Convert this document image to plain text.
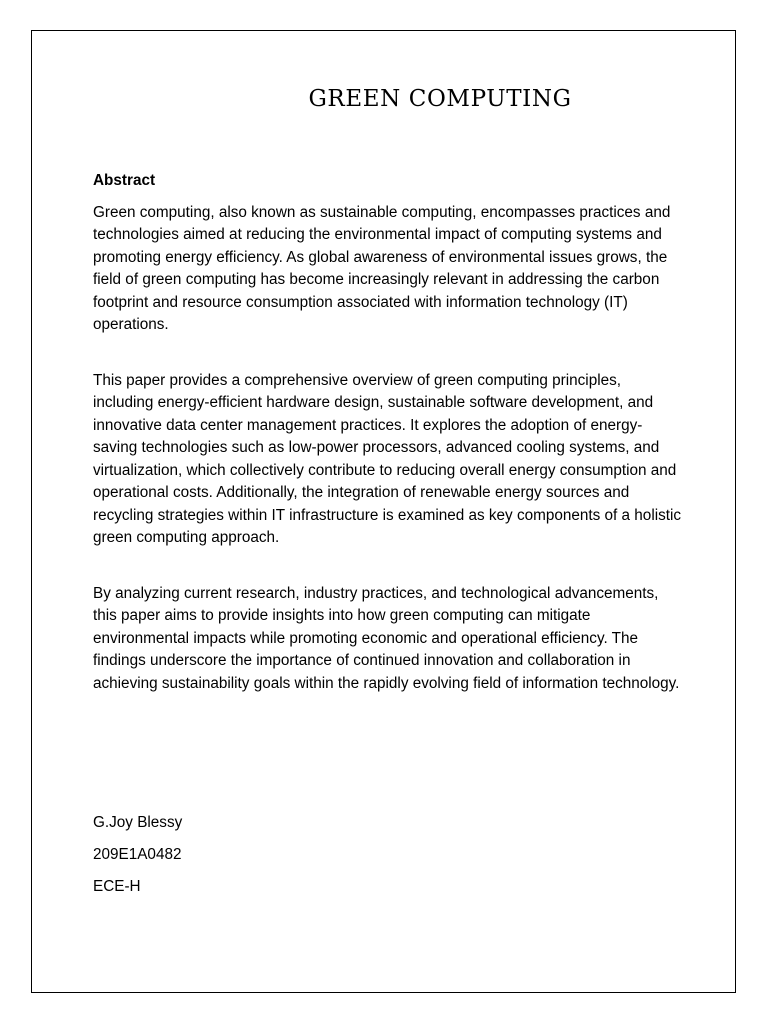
GREEN COMPUTING

Abstract

Green computing, also known as sustainable computing, encompasses practices and technologies aimed at reducing the environmental impact of computing systems and promoting energy efficiency. As global awareness of environmental issues grows, the field of green computing has become increasingly relevant in addressing the carbon footprint and resource consumption associated with information technology (IT) operations.

This paper provides a comprehensive overview of green computing principles, including energy-efficient hardware design, sustainable software development, and innovative data center management practices. It explores the adoption of energy-saving technologies such as low-power processors, advanced cooling systems, and virtualization, which collectively contribute to reducing overall energy consumption and operational costs. Additionally, the integration of renewable energy sources and recycling strategies within IT infrastructure is examined as key components of a holistic green computing approach.

By analyzing current research, industry practices, and technological advancements, this paper aims to provide insights into how green computing can mitigate environmental impacts while promoting economic and operational efficiency. The findings underscore the importance of continued innovation and collaboration in achieving sustainability goals within the rapidly evolving field of information technology.

G.Joy Blessy

209E1A0482

ECE-H
